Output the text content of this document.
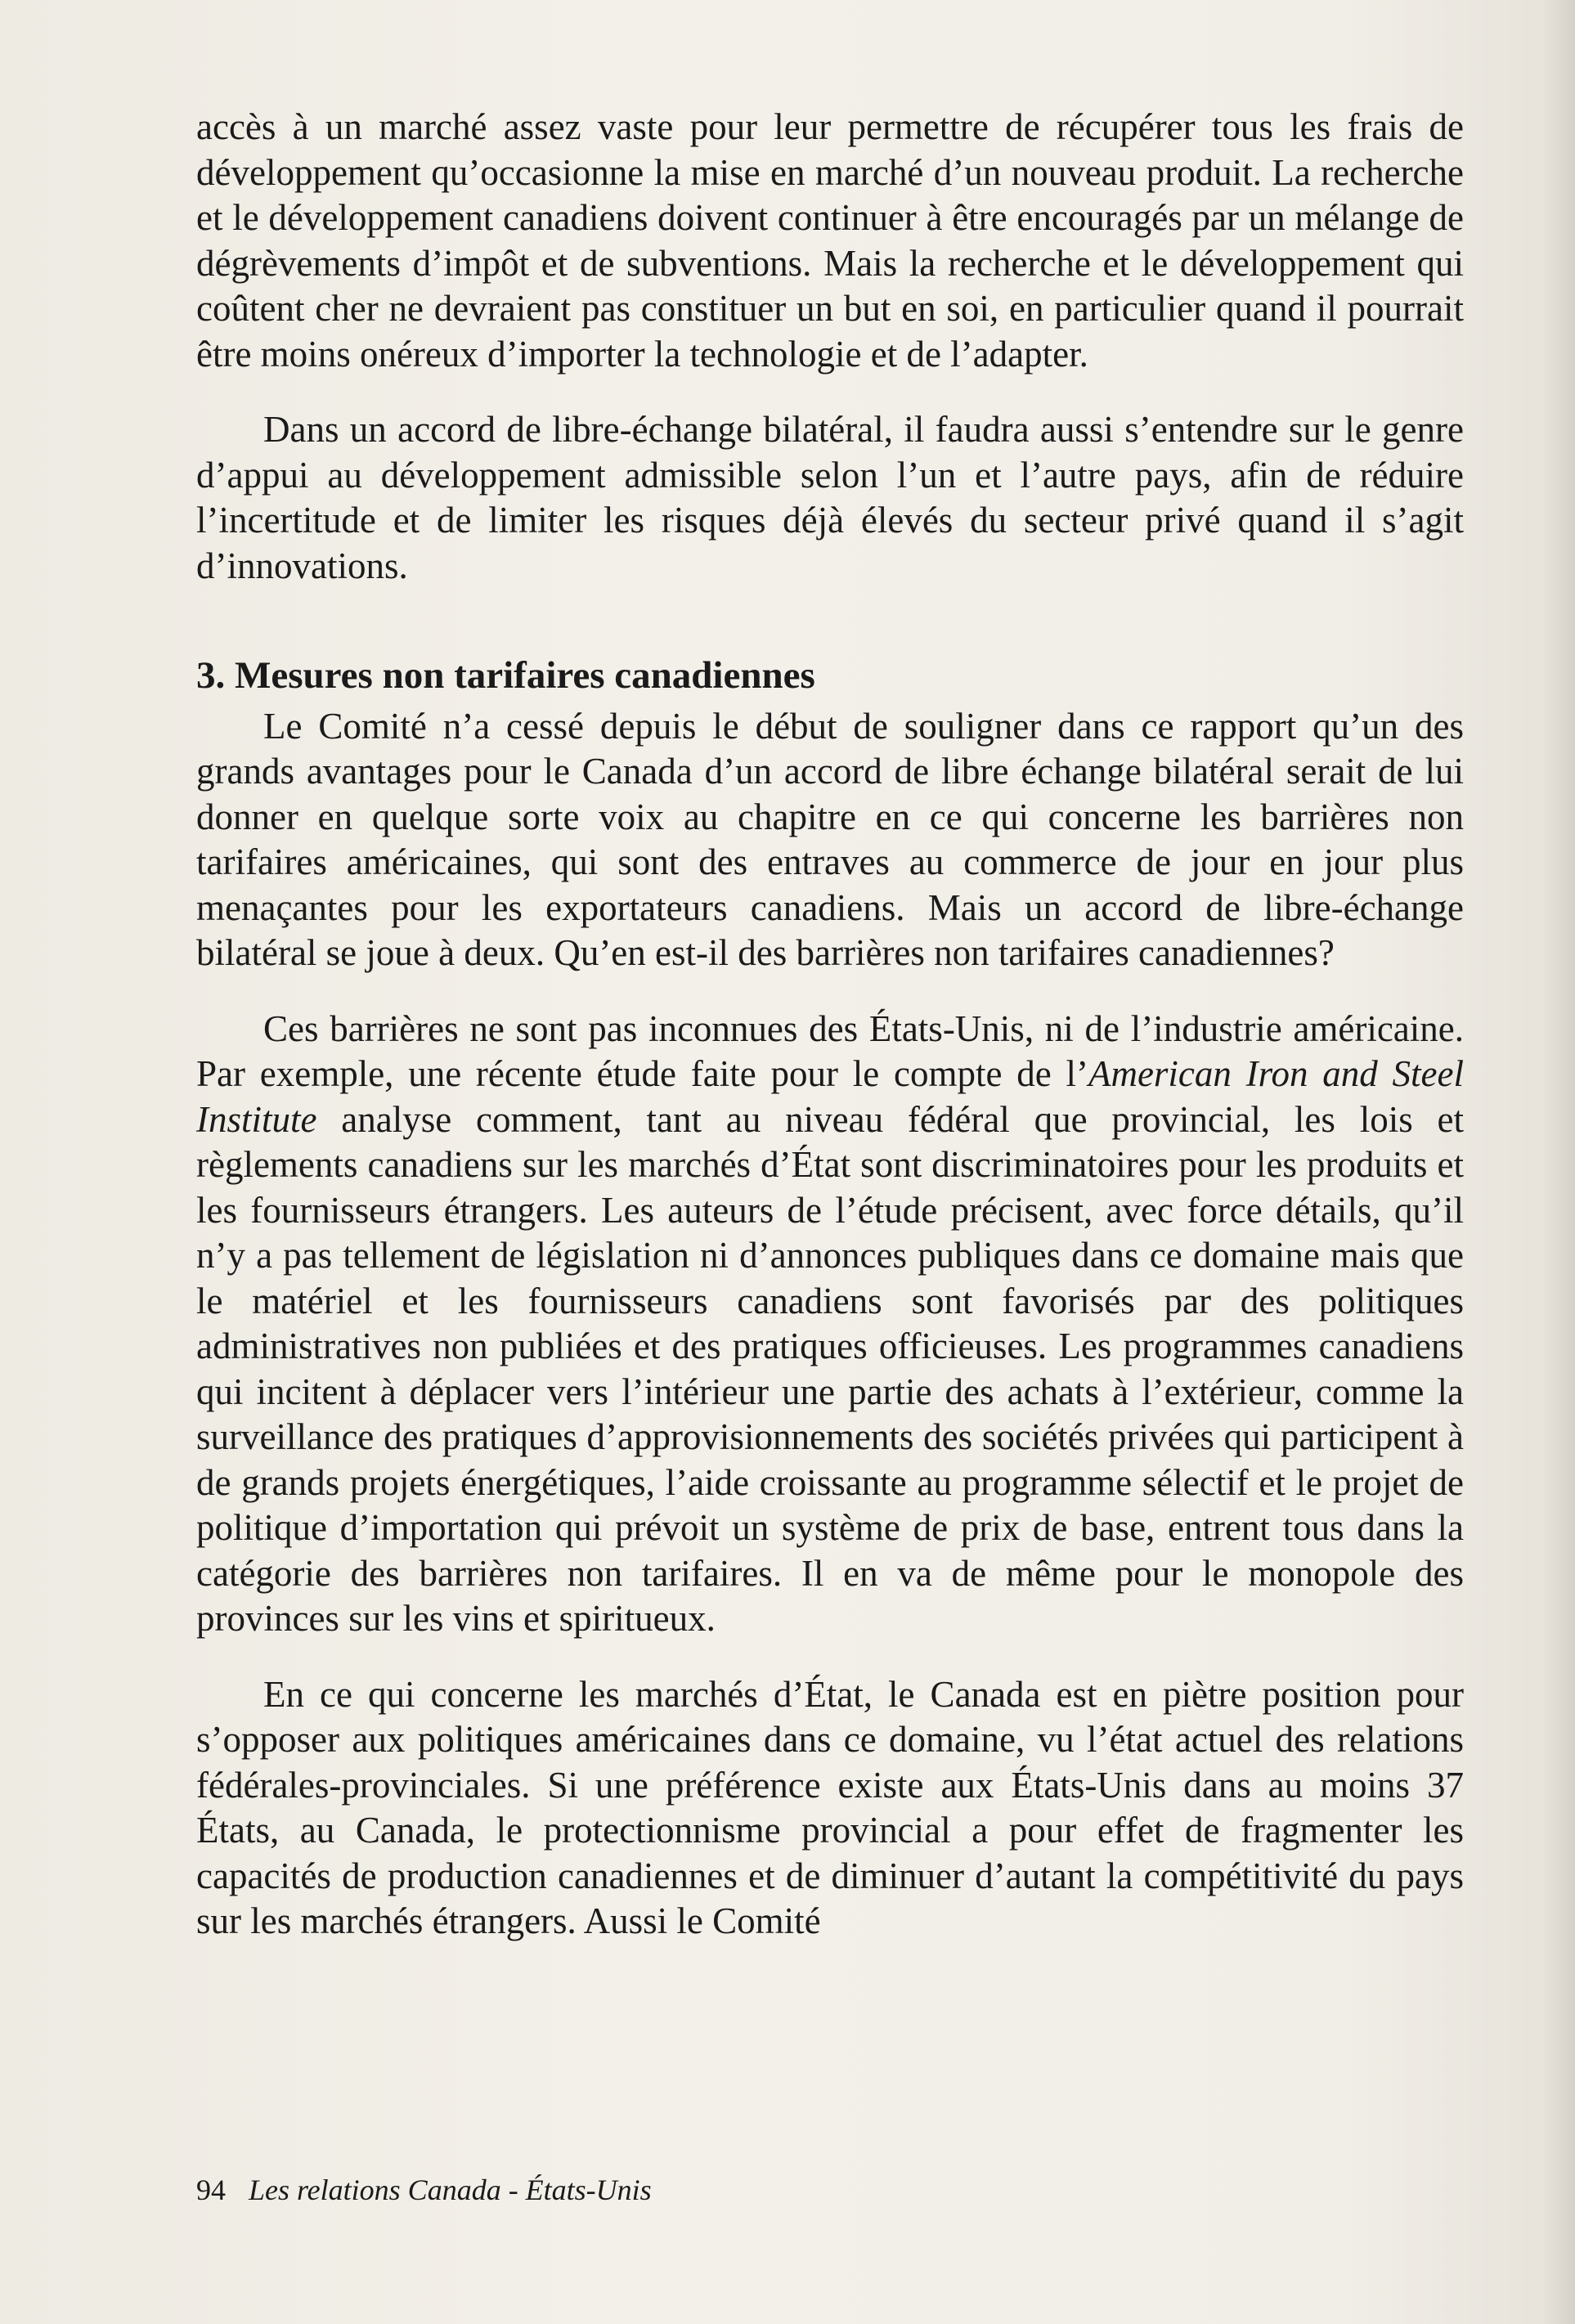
accès à un marché assez vaste pour leur permettre de récupérer tous les frais de développement qu’occasionne la mise en marché d’un nouveau produit. La recherche et le développement canadiens doivent continuer à être encouragés par un mélange de dégrèvements d’impôt et de subventions. Mais la recherche et le développement qui coûtent cher ne devraient pas constituer un but en soi, en particulier quand il pourrait être moins onéreux d’importer la technologie et de l’adapter.

Dans un accord de libre-échange bilatéral, il faudra aussi s’entendre sur le genre d’appui au développement admissible selon l’un et l’autre pays, afin de réduire l’incertitude et de limiter les risques déjà élevés du secteur privé quand il s’agit d’innovations.

3. Mesures non tarifaires canadiennes

Le Comité n’a cessé depuis le début de souligner dans ce rapport qu’un des grands avantages pour le Canada d’un accord de libre échange bilatéral serait de lui donner en quelque sorte voix au chapitre en ce qui concerne les barrières non tarifaires américaines, qui sont des entraves au commerce de jour en jour plus menaçantes pour les exportateurs canadiens. Mais un accord de libre-échange bilatéral se joue à deux. Qu’en est-il des barrières non tarifaires canadiennes?

Ces barrières ne sont pas inconnues des États-Unis, ni de l’industrie américaine. Par exemple, une récente étude faite pour le compte de l’American Iron and Steel Institute analyse comment, tant au niveau fédéral que provincial, les lois et règlements canadiens sur les marchés d’État sont discriminatoires pour les produits et les fournisseurs étrangers. Les auteurs de l’étude précisent, avec force détails, qu’il n’y a pas tellement de législation ni d’annonces publiques dans ce domaine mais que le matériel et les fournisseurs canadiens sont favorisés par des politiques administratives non publiées et des pratiques officieuses. Les programmes canadiens qui incitent à déplacer vers l’intérieur une partie des achats à l’extérieur, comme la surveillance des pratiques d’approvisionnements des sociétés privées qui participent à de grands projets énergétiques, l’aide croissante au programme sélectif et le projet de politique d’importation qui prévoit un système de prix de base, entrent tous dans la catégorie des barrières non tarifaires. Il en va de même pour le monopole des provinces sur les vins et spiritueux.

En ce qui concerne les marchés d’État, le Canada est en piètre position pour s’opposer aux politiques américaines dans ce domaine, vu l’état actuel des relations fédérales-provinciales. Si une préférence existe aux États-Unis dans au moins 37 États, au Canada, le protectionnisme provincial a pour effet de fragmenter les capacités de production canadiennes et de diminuer d’autant la compétitivité du pays sur les marchés étrangers. Aussi le Comité

94 Les relations Canada - États-Unis
